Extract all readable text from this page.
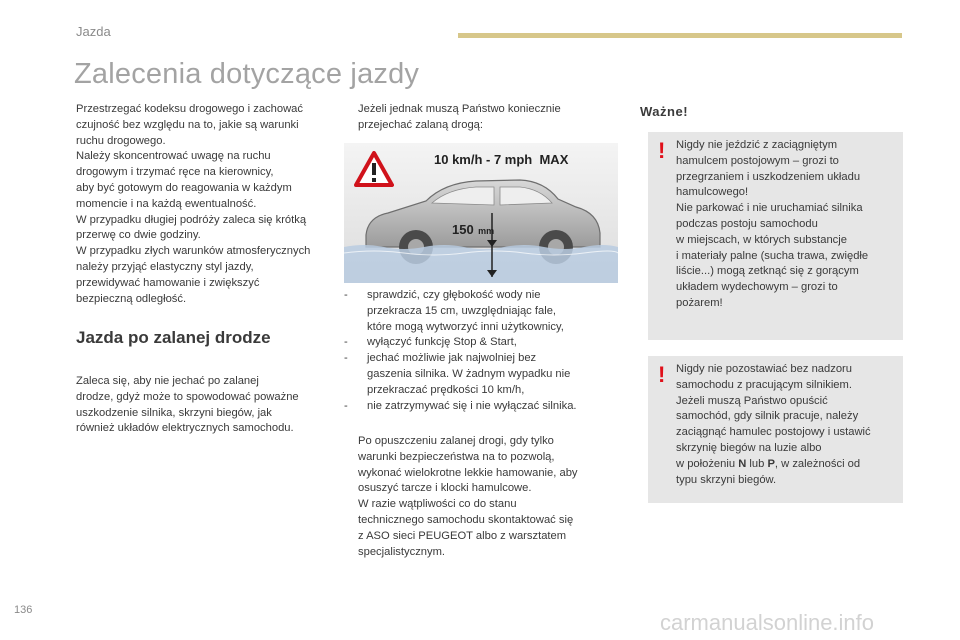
Jazda
Zalecenia dotyczące jazdy

Przestrzegać kodeksu drogowego i zachować

czujność bez względu na to, jakie są warunki

ruchu drogowego.

Należy skoncentrować uwagę na ruchu

drogowym i trzymać ręce na kierownicy,

aby być gotowym do reagowania w każdym

momencie i na każdą ewentualność.

W przypadku długiej podróży zaleca się krótką

przerwę co dwie godziny.

W przypadku złych warunków atmosferycznych

należy przyjąć elastyczny styl jazdy,

przewidywać hamowanie i zwiększyć

bezpieczną odległość.

Jazda po zalanej drodze

Zaleca się, aby nie jechać po zalanej

drodze, gdyż może to spowodować poważne

uszkodzenie silnika, skrzyni biegów, jak

również układów elektrycznych samochodu.

Jeżeli jednak muszą Państwo koniecznie

przejechać zalaną drogą:

10 km/h - 7 mph  MAX
150 mm
- sprawdzić, czy głębokość wody nie
przekracza 15 cm, uwzględniając fale,
które mogą wytworzyć inni użytkownicy,
- wyłączyć funkcję Stop & Start,
- jechać możliwie jak najwolniej bez
gaszenia silnika. W żadnym wypadku nie
przekraczać prędkości 10 km/h,
- nie zatrzymywać się i nie wyłączać silnika.

Po opuszczeniu zalanej drogi, gdy tylko

warunki bezpieczeństwa na to pozwolą,

wykonać wielokrotne lekkie hamowanie, aby

osuszyć tarcze i klocki hamulcowe.

W razie wątpliwości co do stanu

technicznego samochodu skontaktować się

z ASO sieci PEUGEOT albo z warsztatem

specjalistycznym.

Ważne!
! Nigdy nie jeździć z zaciągniętym

hamulcem postojowym – grozi to

przegrzaniem i uszkodzeniem układu

hamulcowego!

Nie parkować i nie uruchamiać silnika

podczas postoju samochodu

w miejscach, w których substancje

i materiały palne (sucha trawa, zwiędłe

liście...) mogą zetknąć się z gorącym

układem wydechowym – grozi to

pożarem!

! Nigdy nie pozostawiać bez nadzoru

samochodu z pracującym silnikiem.

Jeżeli muszą Państwo opuścić

samochód, gdy silnik pracuje, należy

zaciągnąć hamulec postojowy i ustawić

skrzynię biegów na luzie albo

w położeniu N lub P, w zależności od

typu skrzyni biegów.

136	carmanualsonline.info
